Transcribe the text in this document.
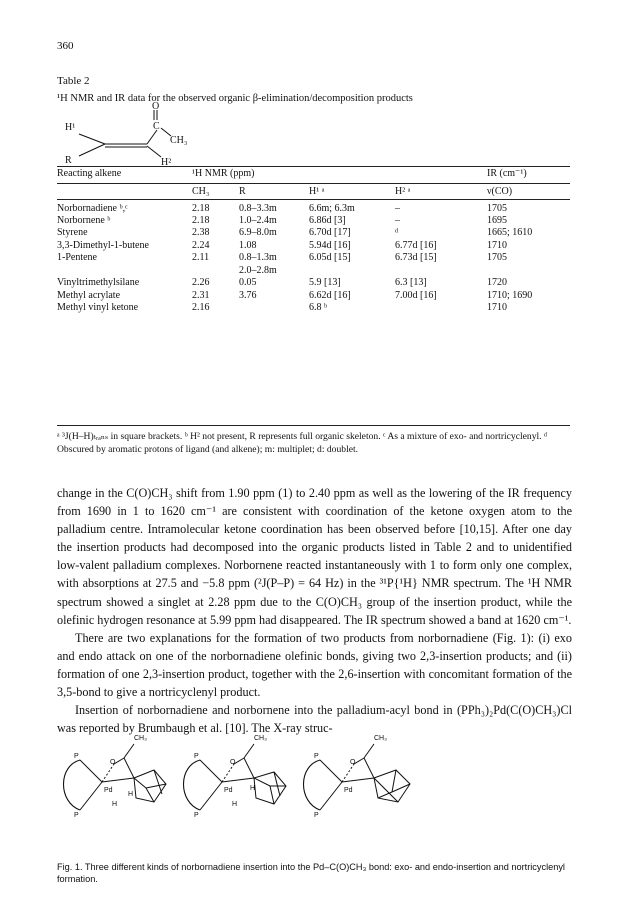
360
Table 2
¹H NMR and IR data for the observed organic β-elimination/decomposition products
O
C
CH₃
H¹
R	H²
Reacting alkene	¹H NMR (ppm)				IR (cm⁻¹)
	CH₃	R	H¹ ᵃ	H² ᵃ	ν(CO)
Norbornadiene ᵇ,ᶜ	2.18	0.8–3.3m	6.6m; 6.3m	–	1705
Norbornene ᵇ	2.18	1.0–2.4m	6.86d [3]	–	1695
Styrene	2.38	6.9–8.0m	6.70d [17]	ᵈ	1665; 1610
3,3-Dimethyl-1-butene	2.24	1.08	5.94d [16]	6.77d [16]	1710
1-Pentene	2.11	0.8–1.3m	6.05d [15]	6.73d [15]	1705
		2.0–2.8m			
Vinyltrimethylsilane	2.26	0.05	5.9 [13]	6.3 [13]	1720
Methyl acrylate	2.31	3.76	6.62d [16]	7.00d [16]	1710; 1690
Methyl vinyl ketone	2.16		6.8 ᵇ		1710
ᵃ ³J(H–H)ₜᵣₐₙₛ in square brackets. ᵇ H² not present, R represents full organic skeleton. ᶜ As a mixture of exo- and nortricyclenyl. ᵈ Obscured by aromatic protons of ligand (and alkene); m: multiplet; d: doublet.

change in the C(O)CH₃ shift from 1.90 ppm (1) to 2.40 ppm as well as the lowering of the IR frequency from 1690 in 1 to 1620 cm⁻¹ are consistent with coordination of the ketone oxygen atom to the palladium centre. Intramolecular ketone coordination has been observed before [10,15]. After one day the insertion products had decomposed into the organic products listed in Table 2 and to unidentified low-valent palladium complexes. Norbornene reacted instantaneously with 1 to form only one complex, with absorptions at 27.5 and −5.8 ppm (²J(P–P) = 64 Hz) in the ³¹P{¹H} NMR spectrum. The ¹H NMR spectrum showed a singlet at 2.28 ppm due to the C(O)CH₃ group of the insertion product, while the olefinic hydrogen resonance at 5.99 ppm had disappeared. The IR spectrum showed a band at 1620 cm⁻¹.

There are two explanations for the formation of two products from norbornadiene (Fig. 1): (i) exo and endo attack on one of the norbornadiene olefinic bonds, giving two 2,3-insertion products; and (ii) formation of one 2,3-insertion product, together with the 2,6-insertion with concomitant formation of the 3,5-bond to give a nortricyclenyl product.

Insertion of norbornadiene and norbornene into the palladium-acyl bond in (PPh₃)₂Pd(C(O)CH₃)Cl was reported by Brumbaugh et al. [10]. The X-ray struc-

P
P
O
Pd
CH₃
H
H
P
P
O
Pd
CH₃
H
H
P
P
O
Pd
CH₃
Fig. 1. Three different kinds of norbornadiene insertion into the Pd–C(O)CH₃ bond: exo- and endo-insertion and nortricyclenyl formation.
